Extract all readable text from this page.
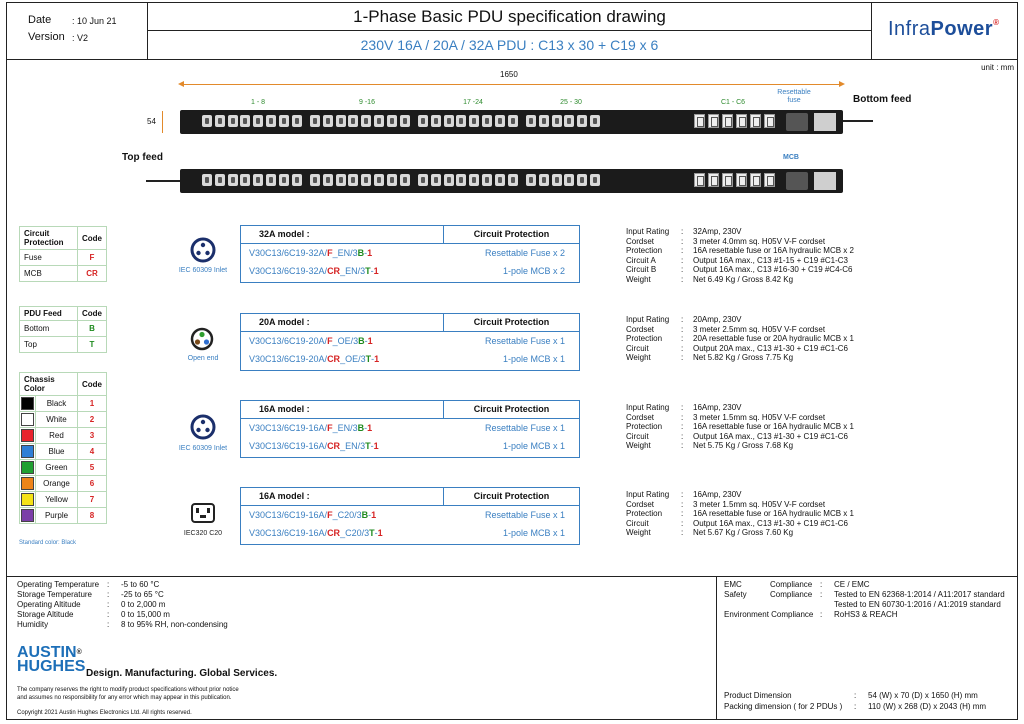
Date : 10 Jun 21
Version : V2
1-Phase Basic PDU specification drawing
230V 16A / 20A / 32A PDU : C13 x 30 + C19 x 6
InfraPower®
unit : mm
1650
54
1 - 8	9 -16	17 -24	25 - 30	C1 - C6
Resettable fuse	Bottom feed
Top feed	MCB
Circuit Protection	Code
Fuse	F
MCB	CR
PDU Feed	Code
Bottom	B
Top	T
Chassis Color		Code
	Black	1
	White	2
	Red	3
	Blue	4
	Green	5
	Orange	6
	Yellow	7
	Purple	8
Standard color: Black
IEC 60309 Inlet
Open end
IEC 60309 Inlet
IEC320 C20
32A model :	Circuit Protection
V30C13/6C19-32A/F_EN/3B-1	Resettable Fuse x 2
V30C13/6C19-32A/CR_EN/3T-1	1-pole MCB x 2
Input Rating	:	32Amp, 230V
Cordset	:	3 meter 4.0mm sq. H05V V-F cordset
Protection	:	16A resettable fuse or 16A hydraulic MCB x 2
Circuit A	:	Output 16A max., C13 #1-15 + C19 #C1-C3
Circuit B	:	Output 16A max., C13 #16-30 + C19 #C4-C6
Weight	:	Net 6.49 Kg / Gross 8.42 Kg
20A model :	Circuit Protection
V30C13/6C19-20A/F_OE/3B-1	Resettable Fuse x 1
V30C13/6C19-20A/CR_OE/3T-1	1-pole MCB x 1
Input Rating	:	20Amp, 230V
Cordset	:	3 meter 2.5mm sq. H05V V-F cordset
Protection	:	20A resettable fuse or 20A hydraulic MCB x 1
Circuit	:	Output 20A max., C13 #1-30 + C19 #C1-C6
Weight	:	Net 5.82 Kg / Gross 7.75 Kg
16A model :	Circuit Protection
V30C13/6C19-16A/F_EN/3B-1	Resettable Fuse x 1
V30C13/6C19-16A/CR_EN/3T-1	1-pole MCB x 1
Input Rating	:	16Amp, 230V
Cordset	:	3 meter 1.5mm sq. H05V V-F cordset
Protection	:	16A resettable fuse or 16A hydraulic MCB x 1
Circuit	:	Output 16A max., C13 #1-30 + C19 #C1-C6
Weight	:	Net 5.75 Kg / Gross 7.68 Kg
16A model :	Circuit Protection
V30C13/6C19-16A/F_C20/3B-1	Resettable Fuse x 1
V30C13/6C19-16A/CR_C20/3T-1	1-pole MCB x 1
Input Rating	:	16Amp, 230V
Cordset	:	3 meter 1.5mm sq. H05V V-F cordset
Protection	:	16A resettable fuse or 16A hydraulic MCB x 1
Circuit	:	Output 16A max., C13 #1-30 + C19 #C1-C6
Weight	:	Net 5.67 Kg / Gross 7.60 Kg
Operating Temperature :	-5 to 60 °C
Storage Temperature	:	-25 to 65 °C
Operating Altitude	:	0 to 2,000 m
Storage Altitude	:	0 to 15,000 m
Humidity	:	8 to 95% RH, non-condensing
EMC	Compliance :	CE / EMC
Safety	Compliance :	Tested to EN 62368-1:2014 / A11:2017 standard
Tested to EN 60730-1:2016 / A1:2019 standard
Environment Compliance :	RoHS3 & REACH
AUSTIN®
HUGHES Design. Manufacturing. Global Services.
The company reserves the right to modify product specifications without prior notice
and assumes no responsibility for any error which may appear in this publication.
Copyright 2021 Austin Hughes Electronics Ltd. All rights reserved.
Product Dimension	:	54 (W) x 70 (D) x 1650 (H) mm
Packing dimension ( for 2 PDUs )	:	110 (W) x 268 (D) x 2043 (H) mm
